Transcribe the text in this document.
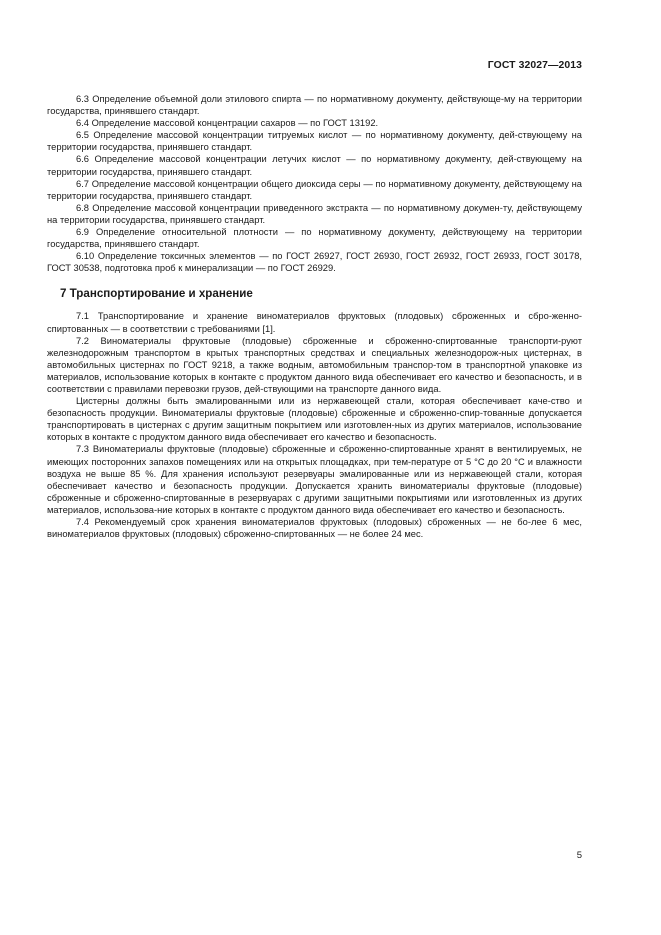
ГОСТ 32027—2013

6.3 Определение объемной доли этилового спирта — по нормативному документу, действующе-му на территории государства, принявшего стандарт.

6.4 Определение массовой концентрации сахаров — по ГОСТ 13192.

6.5 Определение массовой концентрации титруемых кислот — по нормативному документу, дей-ствующему на территории государства, принявшего стандарт.

6.6 Определение массовой концентрации летучих кислот — по нормативному документу, дей-ствующему на территории государства, принявшего стандарт.

6.7 Определение массовой концентрации общего диоксида серы — по нормативному документу, действующему на территории государства, принявшего стандарт.

6.8 Определение массовой концентрации приведенного экстракта — по нормативному докумен-ту, действующему на территории государства, принявшего стандарт.

6.9 Определение относительной плотности — по нормативному документу, действующему на территории государства, принявшего стандарт.

6.10 Определение токсичных элементов — по ГОСТ 26927, ГОСТ 26930, ГОСТ 26932, ГОСТ 26933, ГОСТ 30178, ГОСТ 30538, подготовка проб к минерализации — по ГОСТ 26929.

7 Транспортирование и хранение

7.1 Транспортирование и хранение виноматериалов фруктовых (плодовых) сброженных и сбро-женно-спиртованных — в соответствии с требованиями [1].

7.2 Виноматериалы фруктовые (плодовые) сброженные и сброженно-спиртованные транспорти-руют железнодорожным транспортом в крытых транспортных средствах и специальных железнодорож-ных цистернах, в автомобильных цистернах по ГОСТ 9218, а также водным, автомобильным транспор-том в транспортной упаковке из материалов, использование которых в контакте с продуктом данного вида обеспечивает его качество и безопасность, и в соответствии с правилами перевозки грузов, дей-ствующими на транспорте данного вида.

Цистерны должны быть эмалированными или из нержавеющей стали, которая обеспечивает каче-ство и безопасность продукции. Виноматериалы фруктовые (плодовые) сброженные и сброженно-спир-тованные допускается транспортировать в цистернах с другим защитным покрытием или изготовлен-ных из других материалов, использование которых в контакте с продуктом данного вида обеспечивает его качество и безопасность.

7.3 Виноматериалы фруктовые (плодовые) сброженные и сброженно-спиртованные хранят в вентилируемых, не имеющих посторонних запахов помещениях или на открытых площадках, при тем-пературе от 5 °С до 20 °С и влажности воздуха не выше 85 %. Для хранения используют резервуары эмалированные или из нержавеющей стали, которая обеспечивает качество и безопасность продукции. Допускается хранить виноматериалы фруктовые (плодовые) сброженные и сброженно-спиртованные в резервуарах с другими защитными покрытиями или изготовленных из других материалов, использова-ние которых в контакте с продуктом данного вида обеспечивает его качество и безопасность.

7.4 Рекомендуемый срок хранения виноматериалов фруктовых (плодовых) сброженных — не бо-лее 6 мес, виноматериалов фруктовых (плодовых) сброженно-спиртованных — не более 24 мес.

5
